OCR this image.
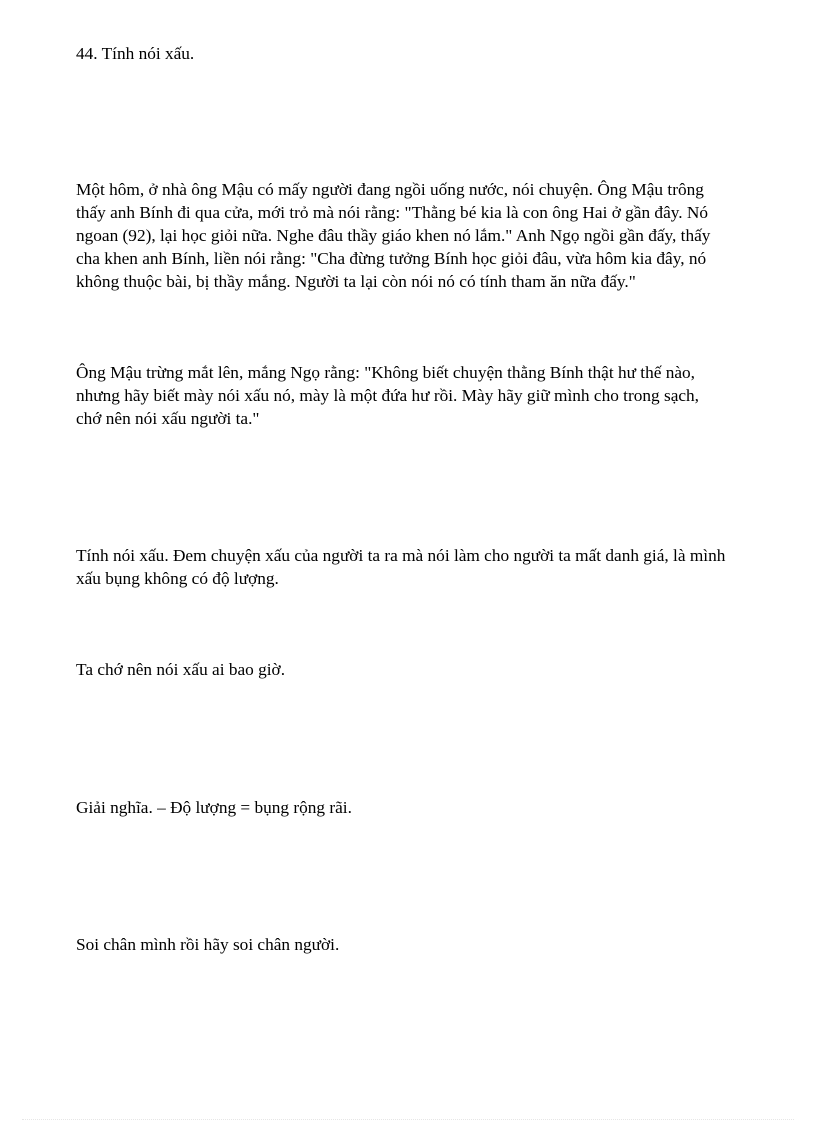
44. Tính nói xấu.

Một hôm, ở nhà ông Mậu có mấy người đang ngồi uống nước, nói chuyện. Ông Mậu trông
thấy anh Bính đi qua cửa, mới trỏ mà nói rằng: "Thằng bé kia là con ông Hai ở gần đây. Nó
ngoan (92), lại học giỏi nữa. Nghe đâu thầy giáo khen nó lắm." Anh Ngọ ngồi gần đấy, thấy
cha khen anh Bính, liền nói rằng: "Cha đừng tưởng Bính học giỏi đâu, vừa hôm kia đây, nó
không thuộc bài, bị thầy mắng. Người ta lại còn nói nó có tính tham ăn nữa đấy."

Ông Mậu trừng mắt lên, mắng Ngọ rằng: "Không biết chuyện thằng Bính thật hư thế nào,
nhưng hãy biết mày nói xấu nó, mày là một đứa hư rồi. Mày hãy giữ mình cho trong sạch,
chớ nên nói xấu người ta."

Tính nói xấu. Đem chuyện xấu của người ta ra mà nói làm cho người ta mất danh giá, là mình
xấu bụng không có độ lượng.

Ta chớ nên nói xấu ai bao giờ.

Giải nghĩa. – Độ lượng = bụng rộng rãi.

Soi chân mình rồi hãy soi chân người.
